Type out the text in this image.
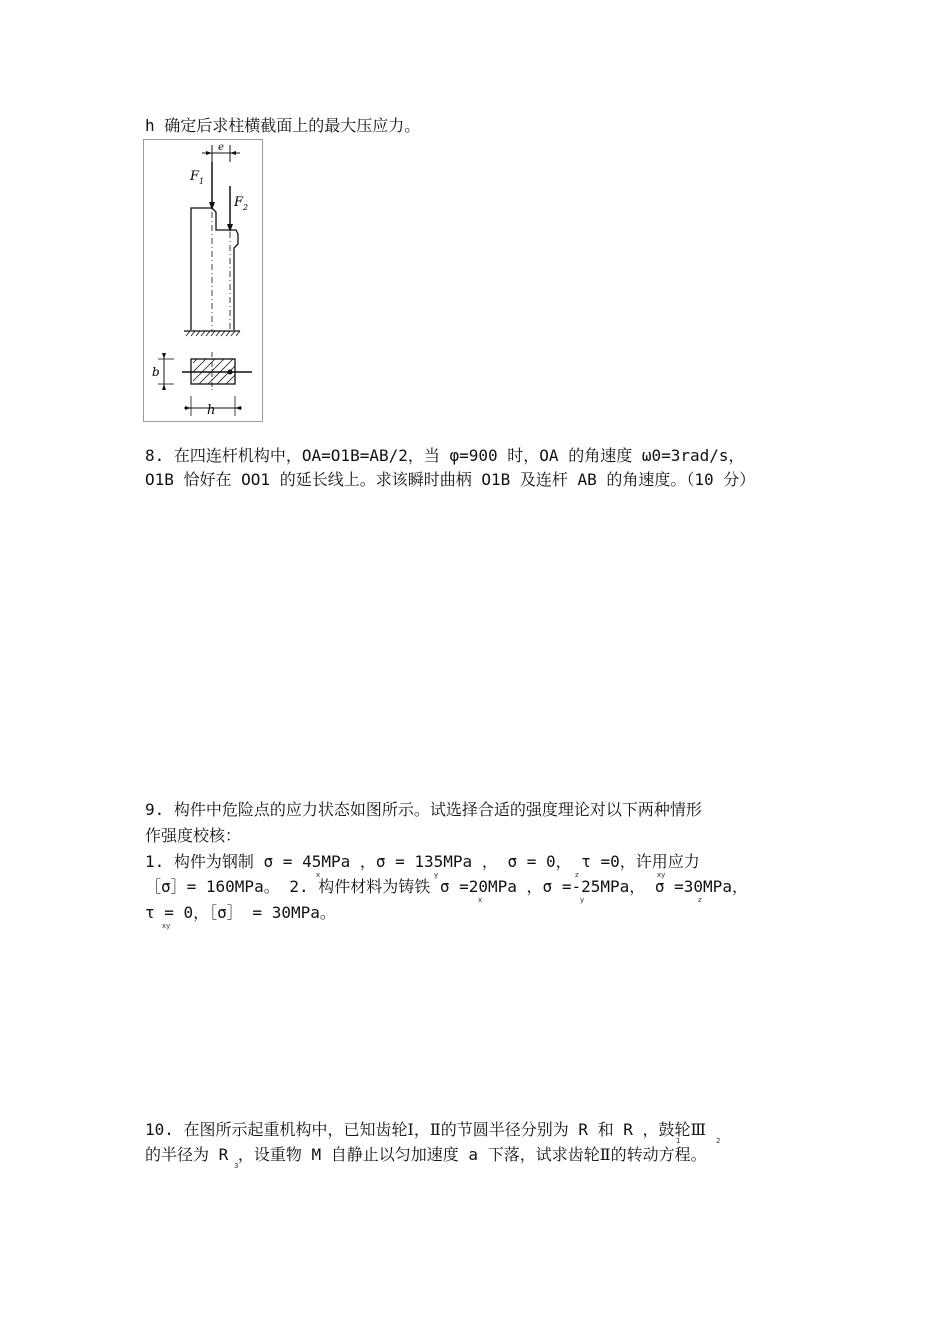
h 确定后求柱横截面上的最大压应力。
e
F 1
F 2
b
h
8. 在四连杆机构中，OA=O1B=AB/2，当 φ=900 时，OA 的角速度 ω0=3rad/s，
O1B 恰好在 OO1 的延长线上。求该瞬时曲柄 O1B 及连杆 AB 的角速度。（10 分）
9. 构件中危险点的应力状态如图所示。试选择合适的强度理论对以下两种情形
作强度校核：
1. 构件为钢制 σ = 45MPa ，σ = 135MPa ， σ = 0， τ =0，许用应力
［σ］= 160MPa。 2. 构件材料为铸铁 σ =20MPa ，σ =-25MPa， σ =30MPa，
τ = 0，［σ］ = 30MPa。
x	y	z	xy
x	y	z
xy
10. 在图所示起重机构中，已知齿轮Ⅰ，Ⅱ的节圆半径分别为 R 和 R ，鼓轮Ⅲ
的半径为 R ，设重物 M 自静止以匀加速度 a 下落，试求齿轮Ⅱ的转动方程。
1	2
3
